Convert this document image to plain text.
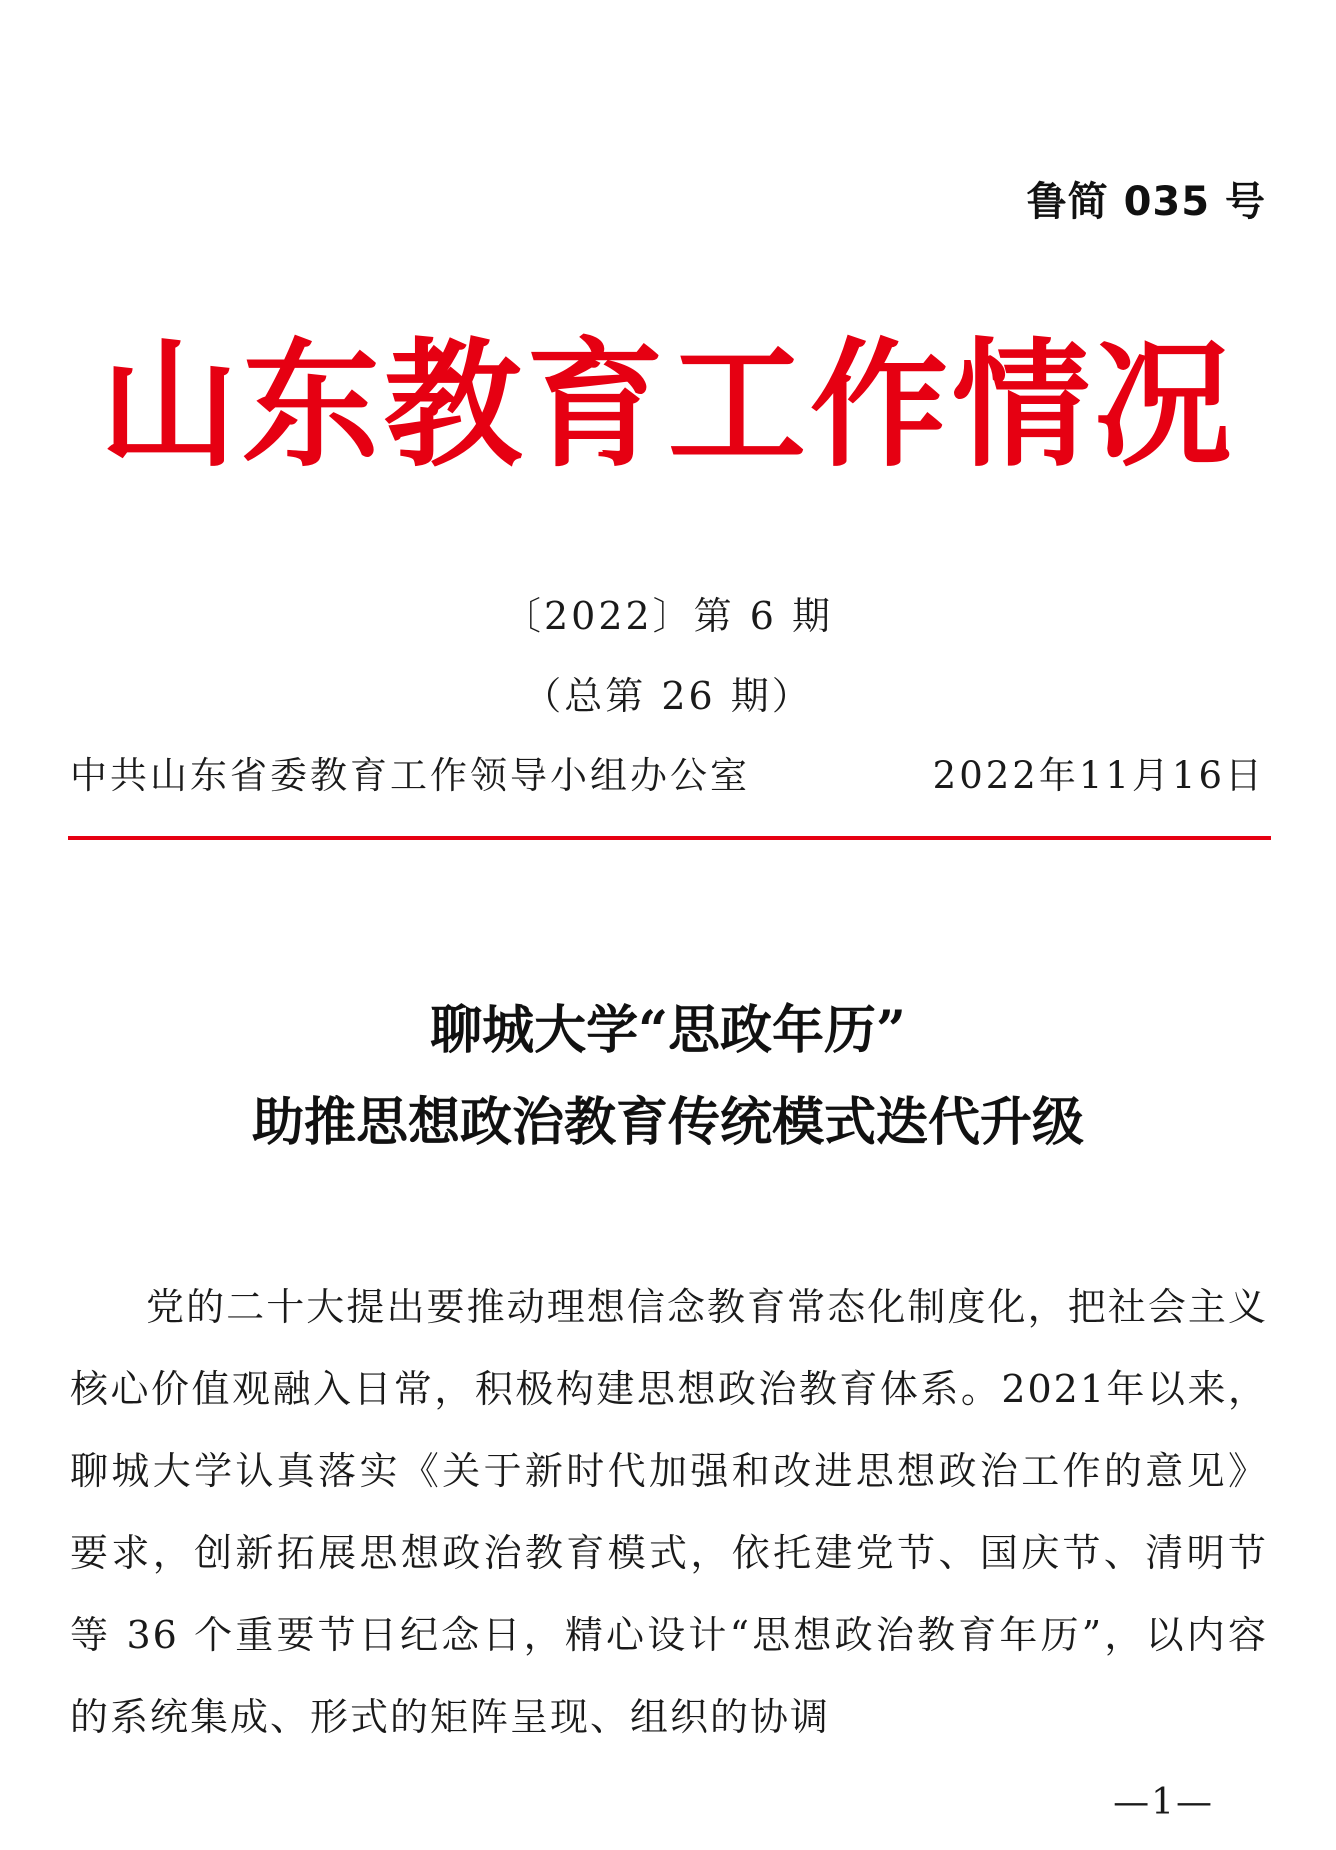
鲁简 035 号
山东教育工作情况
〔2022〕第 6 期
（总第 26 期）
中共山东省委教育工作领导小组办公室	2022年11月16日
聊城大学“思政年历”
助推思想政治教育传统模式迭代升级

党的二十大提出要推动理想信念教育常态化制度化，把社会主义核心价值观融入日常，积极构建思想政治教育体系。2021年以来，聊城大学认真落实《关于新时代加强和改进思想政治工作的意见》要求，创新拓展思想政治教育模式，依托建党节、国庆节、清明节等 36 个重要节日纪念日，精心设计“思想政治教育年历”，以内容的系统集成、形式的矩阵呈现、组织的协调

—1—
